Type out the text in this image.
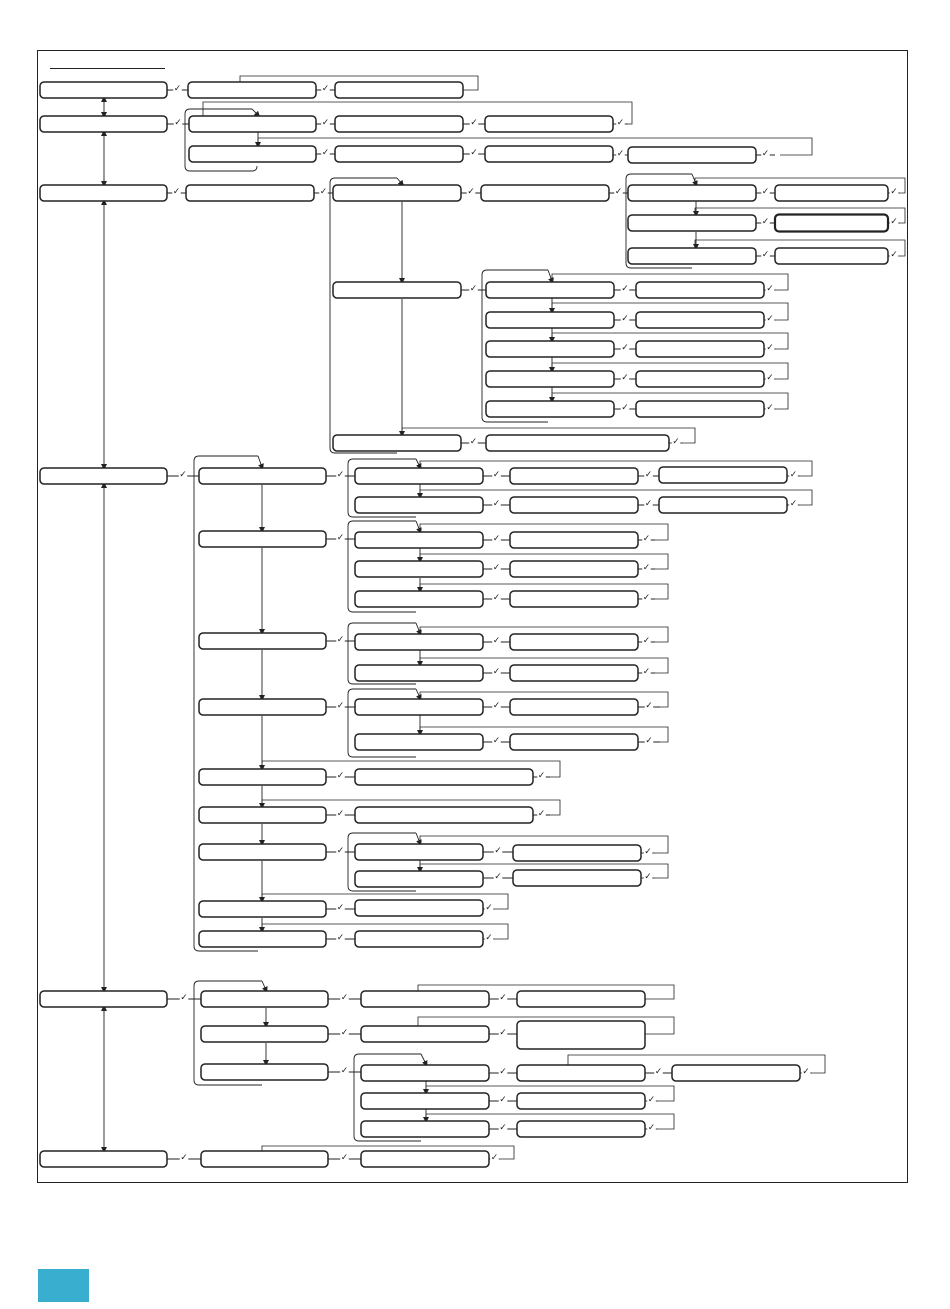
✓	✓
✓	✓	✓	✓
✓	✓	✓	✓
✓	✓	✓	✓	✓	✓
✓	✓
✓	✓
✓	✓	✓
✓	✓
✓	✓
✓	✓
✓	✓
✓	✓
✓	✓	✓	✓	✓
✓	✓	✓
✓	✓	✓
✓	✓
✓	✓
✓	✓	✓
✓	✓
✓	✓	✓
✓	✓
✓	✓
✓	✓
✓	✓	✓
✓	✓
✓	✓
✓	✓
✓	✓	✓
✓	✓
✓	✓	✓	✓
✓	✓
✓	✓
✓	✓	✓
